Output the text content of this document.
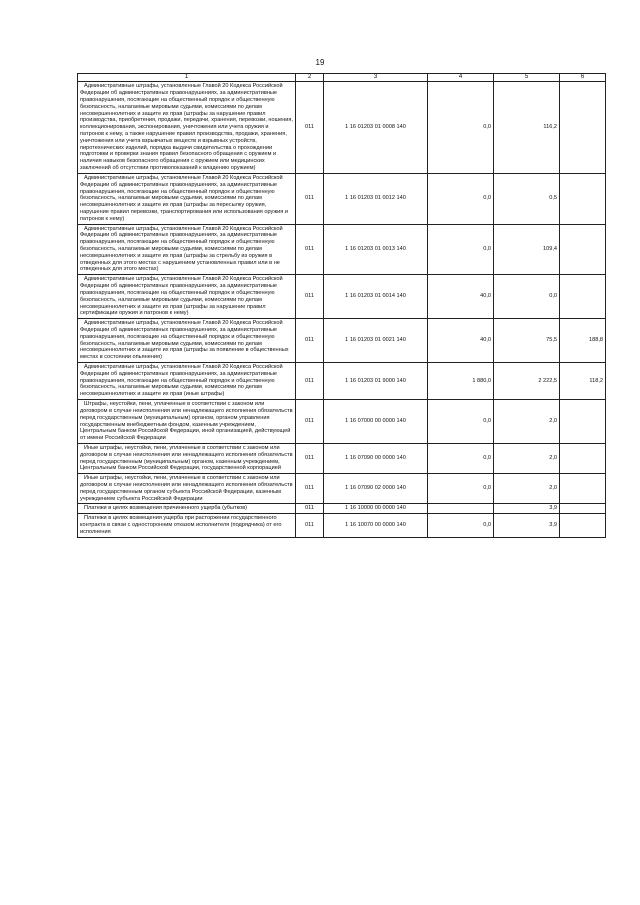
19
1	2	3	4	5	6
Административные штрафы, установленные Главой 20 Кодекса Российской Федерации об административных правонарушениях, за административные правонарушения, посягающие на общественный порядок и общественную безопасность, налагаемые мировыми судьями, комиссиями по делам несовершеннолетних и защите их прав (штрафы за нарушение правил производства, приобретения, продажи, передачи, хранения, перевозки, ношения, коллекционирования, экспонирования, уничтожения или учета оружия и патронов к нему, а также нарушение правил производства, продажи, хранения, уничтожения или учета взрывчатых веществ и взрывных устройств, пиротехнических изделий, порядка выдачи свидетельства о прохождении подготовки и проверки знания правил безопасного обращения с оружием и наличия навыков безопасного обращения с оружием или медицинских заключений об отсутствии противопоказаний к владению оружием)	011	1 16 01203 01 0008 140	0,0	116,2	
Административные штрафы, установленные Главой 20 Кодекса Российской Федерации об административных правонарушениях, за административные правонарушения, посягающие на общественный порядок и общественную безопасность, налагаемые мировыми судьями, комиссиями по делам несовершеннолетних и защите их прав (штрафы за пересылку оружия, нарушение правил перевозки, транспортирования или использования оружия и патронов к нему)	011	1 16 01203 01 0012 140	0,0	0,5	
Административные штрафы, установленные Главой 20 Кодекса Российской Федерации об административных правонарушениях, за административные правонарушения, посягающие на общественный порядок и общественную безопасность, налагаемые мировыми судьями, комиссиями по делам несовершеннолетних и защите их прав (штрафы за стрельбу из оружия в отведенных для этого местах с нарушением установленных правил или в не отведенных для этого местах)	011	1 16 01203 01 0013 140	0,0	109,4	
Административные штрафы, установленные Главой 20 Кодекса Российской Федерации об административных правонарушениях, за административные правонарушения, посягающие на общественный порядок и общественную безопасность, налагаемые мировыми судьями, комиссиями по делам несовершеннолетних и защите их прав (штрафы за нарушение правил сертификации оружия и патронов к нему)	011	1 16 01203 01 0014 140	40,0	0,0	
Административные штрафы, установленные Главой 20 Кодекса Российской Федерации об административных правонарушениях, за административные правонарушения, посягающие на общественный порядок и общественную безопасность, налагаемые мировыми судьями, комиссиями по делам несовершеннолетних и защите их прав (штрафы за появление в общественных местах в состоянии опьянения)	011	1 16 01203 01 0021 140	40,0	75,5	188,8
Административные штрафы, установленные Главой 20 Кодекса Российской Федерации об административных правонарушениях, за административные правонарушения, посягающие на общественный порядок и общественную безопасность, налагаемые мировыми судьями, комиссиями по делам несовершеннолетних и защите их прав (иные штрафы)	011	1 16 01203 01 9000 140	1 880,0	2 222,5	118,2
Штрафы, неустойки, пени, уплаченные в соответствии с законом или договором в случае неисполнения или ненадлежащего исполнения обязательств перед государственным (муниципальным) органом, органом управления государственным внебюджетным фондом, казенным учреждением, Центральным банком Российской Федерации, иной организацией, действующей от имени Российской Федерации	011	1 16 07000 00 0000 140	0,0	2,0	
Иные штрафы, неустойки, пени, уплаченные в соответствии с законом или договором в случае неисполнения или ненадлежащего исполнения обязательств перед государственным (муниципальным) органом, казенным учреждением, Центральным банком Российской Федерации, государственной корпорацией	011	1 16 07090 00 0000 140	0,0	2,0	
Иные штрафы, неустойки, пени, уплаченные в соответствии с законом или договором в случае неисполнения или ненадлежащего исполнения обязательств перед государственным органом субъекта Российской Федерации, казенным учреждением субъекта Российской Федерации	011	1 16 07090 02 0000 140	0,0	2,0	
Платежи в целях возмещения причиненного ущерба (убытков)	011	1 16 10000 00 0000 140		3,9	
Платежи в целях возмещения ущерба при расторжении государственного контракта в связи с односторонним отказом исполнителя (подрядчика) от его исполнения	011	1 16 10070 00 0000 140	0,0	3,9	
